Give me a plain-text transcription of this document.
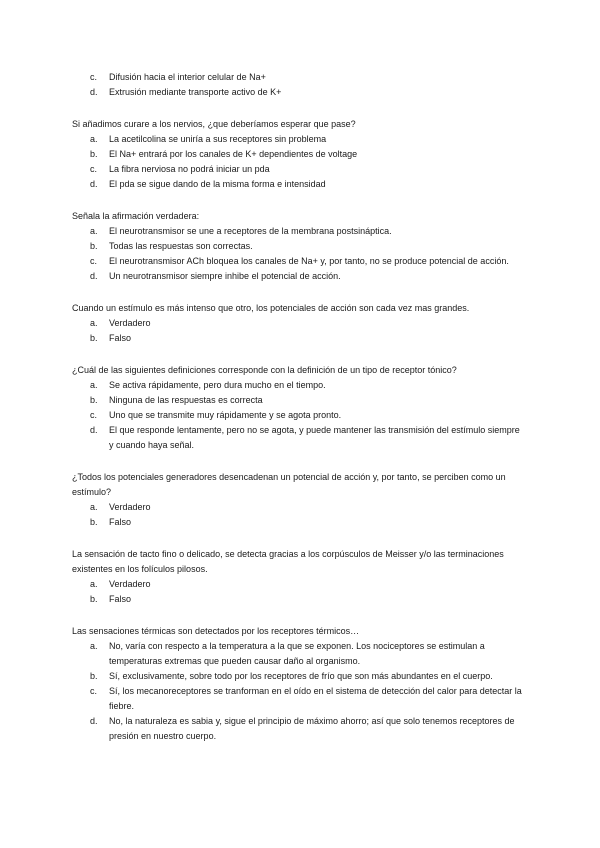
c.	Difusión hacia el interior celular de Na+
d.	Extrusión mediante transporte activo de K+

Si añadimos curare a los nervios, ¿que deberíamos esperar que pase?

a.	La acetilcolina se uniría a sus receptores sin problema
b.	El Na+ entrará por los canales de K+ dependientes de voltage
c.	La fibra nerviosa no podrá iniciar un pda
d.	El pda se sigue dando de la misma forma e intensidad

Señala la afirmación verdadera:

a.	El neurotransmisor se une a receptores de la membrana postsináptica.
b.	Todas las respuestas son correctas.
c.	El neurotransmisor ACh bloquea los canales de Na+ y, por tanto, no se produce potencial de acción.
d.	Un neurotransmisor siempre inhibe el potencial de acción.

Cuando un estímulo es más intenso que otro, los potenciales de acción son cada vez mas grandes.

a.	Verdadero
b.	Falso

¿Cuál de las siguientes definiciones corresponde con la definición de un tipo de receptor tónico?

a.	Se activa rápidamente, pero dura mucho en el tiempo.
b.	Ninguna de las respuestas es correcta
c.	Uno que se transmite muy rápidamente y se agota pronto.
d.	El que responde lentamente, pero no se agota, y puede mantener las transmisión del estímulo siempre y cuando haya señal.

¿Todos los potenciales generadores desencadenan un potencial de acción y, por tanto, se perciben como un estímulo?

a.	Verdadero
b.	Falso

La sensación de tacto fino o delicado, se detecta gracias a los corpúsculos de Meisser y/o las terminaciones existentes en los folículos pilosos.

a.	Verdadero
b.	Falso

Las sensaciones térmicas son detectados por los receptores térmicos…

a.	No, varía con respecto a la temperatura a la que se exponen. Los nociceptores se estimulan a temperaturas extremas que pueden causar daño al organismo.
b.	Sí, exclusivamente, sobre todo por los receptores de frío que son más abundantes en el cuerpo.
c.	Sí, los mecanoreceptores se tranforman en el oído en el sistema de detección del calor para detectar la fiebre.
d.	No, la naturaleza es sabia y, sigue el principio de máximo ahorro; así que solo tenemos receptores de presión en nuestro cuerpo.
